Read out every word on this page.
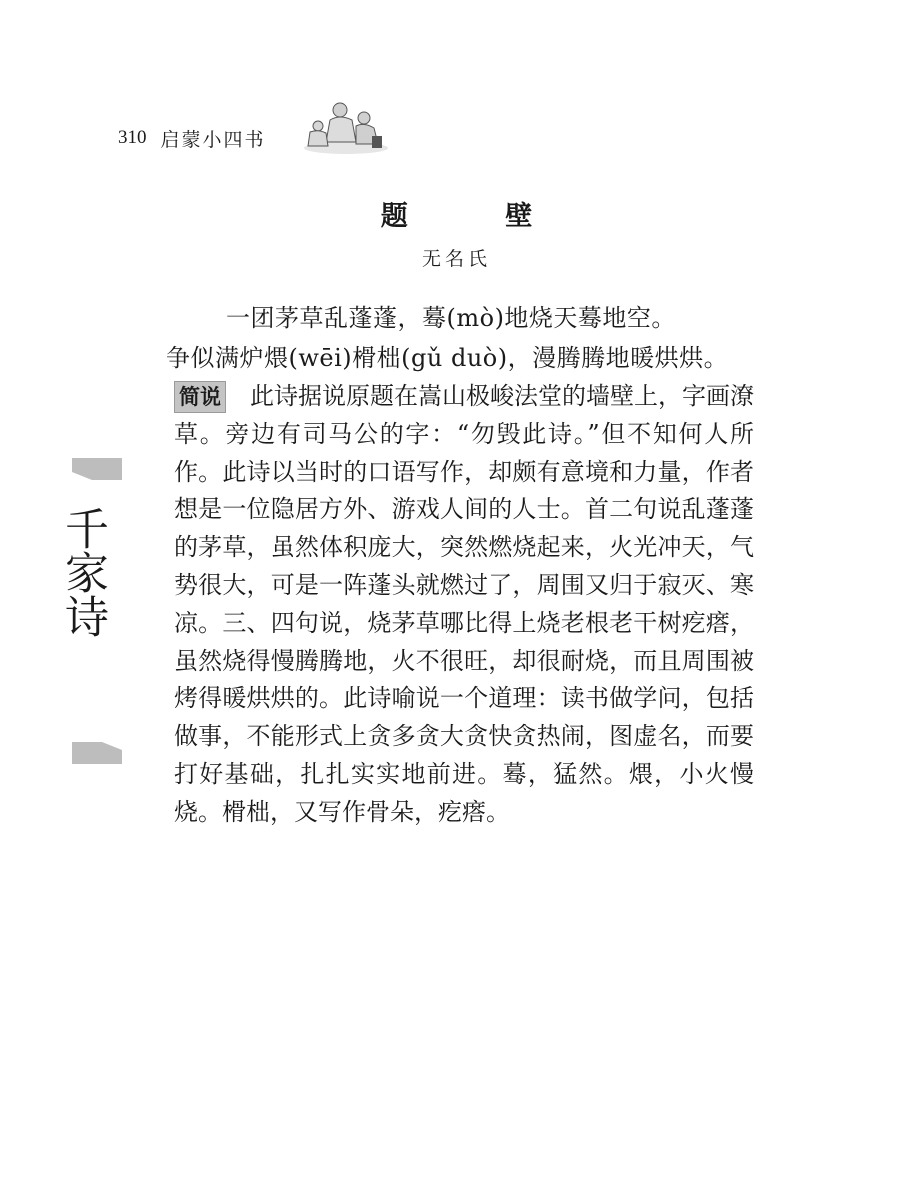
310 启蒙小四书
题 壁
无名氏
一团茅草乱蓬蓬，蓦(mò)地烧天蓦地空。
争似满炉煨(wēi)榾柮(gǔ duò)，漫腾腾地暖烘烘。
简说 此诗据说原题在嵩山极峻法堂的墙壁上，字画潦草。旁边有司马公的字：“勿毁此诗。”但不知何人所作。此诗以当时的口语写作，却颇有意境和力量，作者想是一位隐居方外、游戏人间的人士。首二句说乱蓬蓬的茅草，虽然体积庞大，突然燃烧起来，火光冲天，气势很大，可是一阵蓬头就燃过了，周围又归于寂灭、寒凉。三、四句说，烧茅草哪比得上烧老根老干树疙瘩，虽然烧得慢腾腾地，火不很旺，却很耐烧，而且周围被烤得暖烘烘的。此诗喻说一个道理：读书做学问，包括做事，不能形式上贪多贪大贪快贪热闹，图虚名，而要打好基础，扎扎实实地前进。蓦，猛然。煨，小火慢烧。榾柮，又写作骨朵，疙瘩。
千家诗
